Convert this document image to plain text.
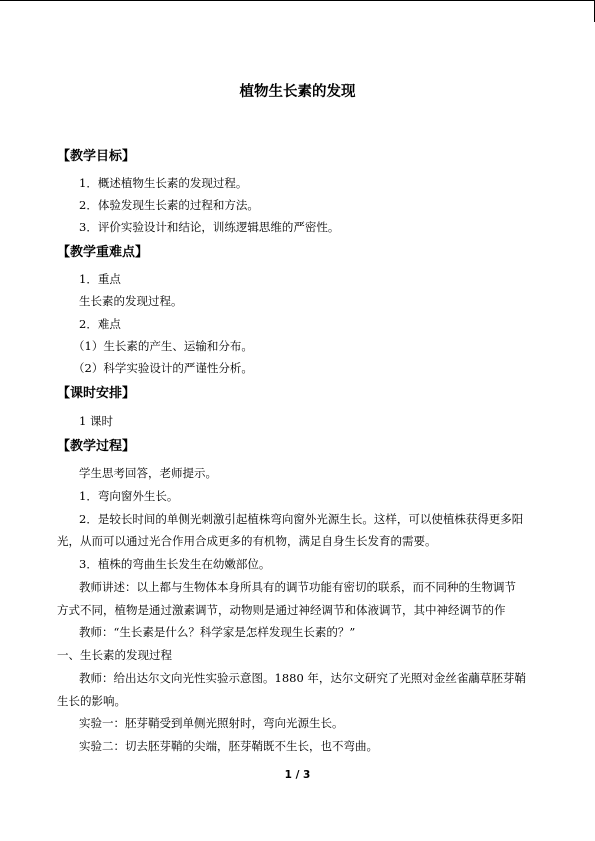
植物生长素的发现
【教学目标】
1．概述植物生长素的发现过程。
2．体验发现生长素的过程和方法。
3．评价实验设计和结论，训练逻辑思维的严密性。
【教学重难点】
1．重点
生长素的发现过程。
2．难点
（1）生长素的产生、运输和分布。
（2）科学实验设计的严谨性分析。
【课时安排】
1 课时
【教学过程】
学生思考回答，老师提示。
1．弯向窗外生长。
2．是较长时间的单侧光刺激引起植株弯向窗外光源生长。这样，可以使植株获得更多阳
光，从而可以通过光合作用合成更多的有机物，满足自身生长发育的需要。
3．植株的弯曲生长发生在幼嫩部位。
教师讲述：以上都与生物体本身所具有的调节功能有密切的联系，而不同种的生物调节
方式不同，植物是通过激素调节，动物则是通过神经调节和体液调节，其中神经调节的作
教师：“生长素是什么？科学家是怎样发现生长素的？”
一、生长素的发现过程
教师：给出达尔文向光性实验示意图。1880 年，达尔文研究了光照对金丝雀虉草胚芽鞘
生长的影响。
实验一：胚芽鞘受到单侧光照射时，弯向光源生长。
实验二：切去胚芽鞘的尖端，胚芽鞘既不生长，也不弯曲。
1 / 3
